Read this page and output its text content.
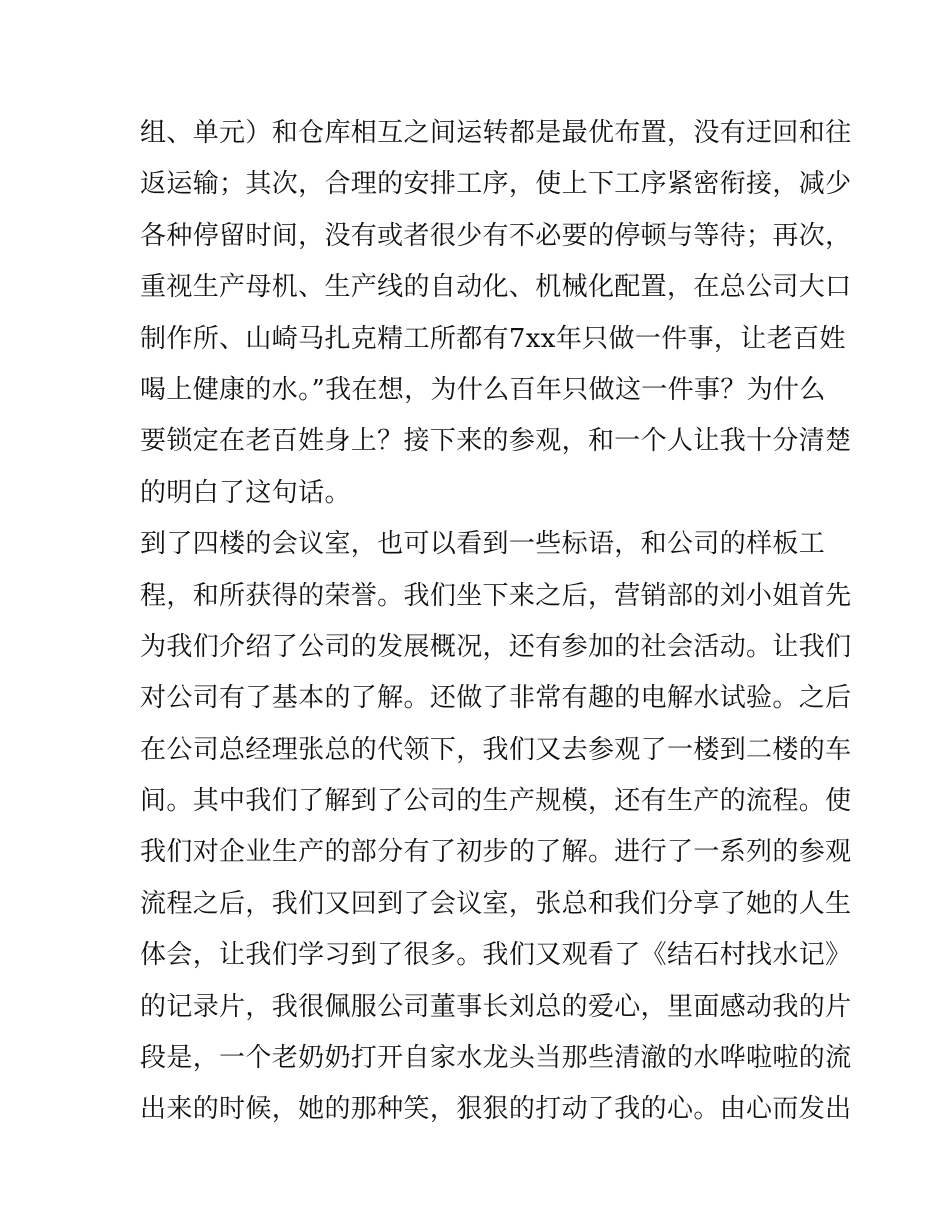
组、单元）和仓库相互之间运转都是最优布置，没有迂回和往
返运输；其次，合理的安排工序，使上下工序紧密衔接，减少
各种停留时间，没有或者很少有不必要的停顿与等待；再次，
重视生产母机、生产线的自动化、机械化配置，在总公司大口
制作所、山崎马扎克精工所都有7xx年只做一件事，让老百姓
喝上健康的水。”我在想，为什么百年只做这一件事？为什么
要锁定在老百姓身上？接下来的参观，和一个人让我十分清楚
的明白了这句话。
到了四楼的会议室，也可以看到一些标语，和公司的样板工
程，和所获得的荣誉。我们坐下来之后，营销部的刘小姐首先
为我们介绍了公司的发展概况，还有参加的社会活动。让我们
对公司有了基本的了解。还做了非常有趣的电解水试验。之后
在公司总经理张总的代领下，我们又去参观了一楼到二楼的车
间。其中我们了解到了公司的生产规模，还有生产的流程。使
我们对企业生产的部分有了初步的了解。进行了一系列的参观
流程之后，我们又回到了会议室，张总和我们分享了她的人生
体会，让我们学习到了很多。我们又观看了《结石村找水记》
的记录片，我很佩服公司董事长刘总的爱心，里面感动我的片
段是，一个老奶奶打开自家水龙头当那些清澈的水哗啦啦的流
出来的时候，她的那种笑，狠狠的打动了我的心。由心而发出
